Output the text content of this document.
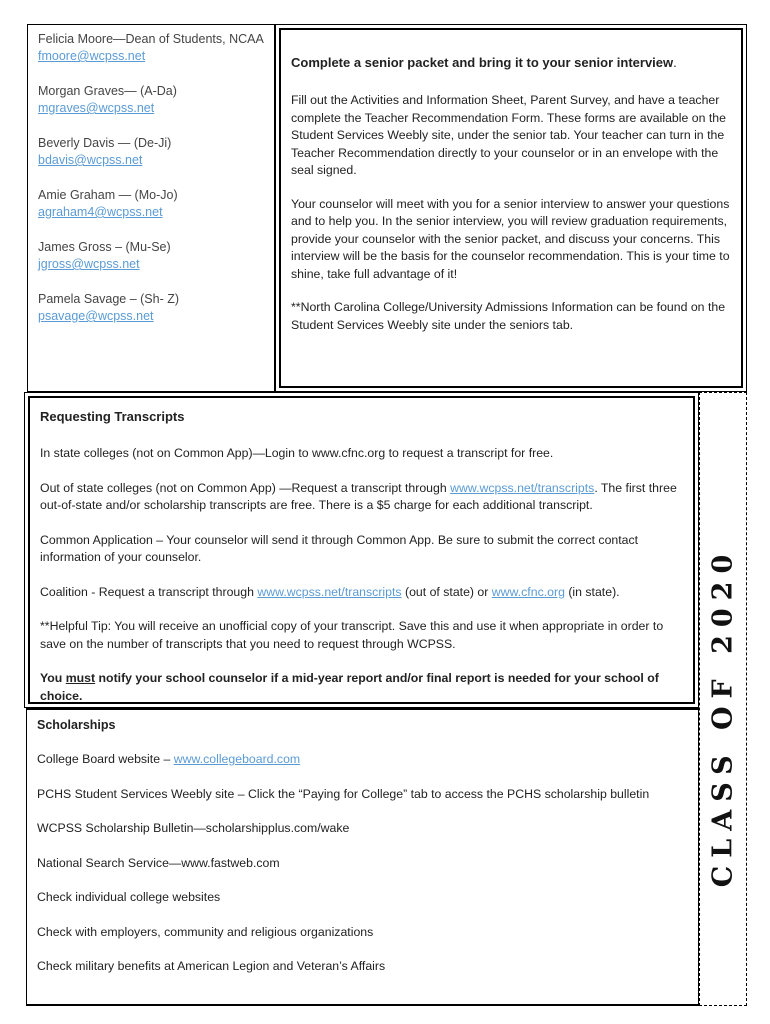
Felicia Moore—Dean of Students, NCAA
fmoore@wcpss.net
Morgan Graves— (A-Da)
mgraves@wcpss.net
Beverly Davis — (De-Ji)
bdavis@wcpss.net
Amie Graham — (Mo-Jo)
agraham4@wcpss.net
James Gross – (Mu-Se)
jgross@wcpss.net
Pamela Savage – (Sh- Z)
psavage@wcpss.net
Complete a senior packet and bring it to your senior interview.

Fill out the Activities and Information Sheet, Parent Survey, and have a teacher complete the Teacher Recommendation Form. These forms are available on the Student Services Weebly site, under the senior tab. Your teacher can turn in the Teacher Recommendation directly to your counselor or in an envelope with the seal signed.

Your counselor will meet with you for a senior interview to answer your questions and to help you. In the senior interview, you will review graduation requirements, provide your counselor with the senior packet, and discuss your concerns. This interview will be the basis for the counselor recommendation. This is your time to shine, take full advantage of it!

**North Carolina College/University Admissions Information can be found on the Student Services Weebly site under the seniors tab.

Requesting Transcripts

In state colleges (not on Common App)—Login to www.cfnc.org to request a transcript for free.

Out of state colleges (not on Common App) —Request a transcript through www.wcpss.net/transcripts. The first three out-of-state and/or scholarship transcripts are free. There is a $5 charge for each additional transcript.

Common Application – Your counselor will send it through Common App. Be sure to submit the correct contact information of your counselor.

Coalition - Request a transcript through www.wcpss.net/transcripts (out of state) or www.cfnc.org (in state).

**Helpful Tip: You will receive an unofficial copy of your transcript. Save this and use it when appropriate in order to save on the number of transcripts that you need to request through WCPSS.

You must notify your school counselor if a mid-year report and/or final report is needed for your school of choice.

Scholarships

College Board website – www.collegeboard.com

PCHS Student Services Weebly site – Click the “Paying for College” tab to access the PCHS scholarship bulletin

WCPSS Scholarship Bulletin—scholarshipplus.com/wake

National Search Service—www.fastweb.com

Check individual college websites

Check with employers, community and religious organizations

Check military benefits at American Legion and Veteran’s Affairs

CLASS OF 2020
